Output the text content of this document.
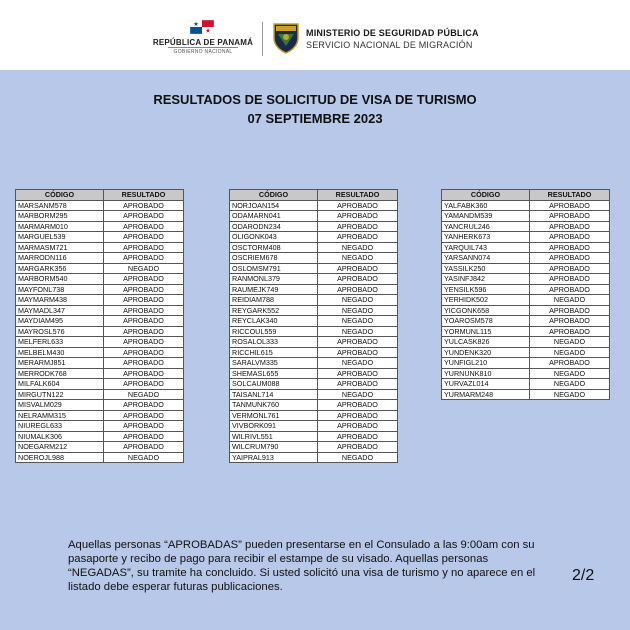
REPÚBLICA DE PANAMÁ
GOBIERNO NACIONAL
MINISTERIO DE SEGURIDAD PÚBLICA
SERVICIO NACIONAL DE MIGRACIÓN
RESULTADOS DE SOLICITUD DE VISA DE TURISMO
07 SEPTIEMBRE 2023
CÓDIGO	RESULTADO
MARSANM578	APROBADO
MARBORM295	APROBADO
MARMARM010	APROBADO
MARGUEL539	APROBADO
MARMASM721	APROBADO
MARRODN116	APROBADO
MARGARK356	NEGADO
MARBORM540	APROBADO
MAYFONL738	APROBADO
MAYMARM438	APROBADO
MAYMADL347	APROBADO
MAYDIAM495	APROBADO
MAYROSL576	APROBADO
MELFERL633	APROBADO
MELBELM430	APROBADO
MERARMJ851	APROBADO
MERRODK768	APROBADO
MILFALK604	APROBADO
MIRGUTN122	NEGADO
MISVALM029	APROBADO
NELRAMM315	APROBADO
NIUREGL633	APROBADO
NIUMALK306	APROBADO
NOEGARM212	APROBADO
NOEROJL988	NEGADO
CÓDIGO	RESULTADO
NORJOAN154	APROBADO
ODAMARN041	APROBADO
ODARODN234	APROBADO
OLIGONK043	APROBADO
OSCTORM408	NEGADO
OSCRIEM678	NEGADO
OSLOMSM791	APROBADO
RANMONL379	APROBADO
RAUMEJK749	APROBADO
REIDIAM788	NEGADO
REYGARK552	NEGADO
REYCLAK340	NEGADO
RICCOUL559	NEGADO
ROSALOL333	APROBADO
RICCHIL615	APROBADO
SARALVM335	NEGADO
SHEMASL655	APROBADO
SOLCAUM088	APROBADO
TAISANL714	NEGADO
TANMUNK760	APROBADO
VERMONL761	APROBADO
VIVBORK091	APROBADO
WILRIVL551	APROBADO
WILCRUM790	APROBADO
YAIPRAL913	NEGADO
CÓDIGO	RESULTADO
YALFABK360	APROBADO
YAMANDM539	APROBADO
YANCRUL246	APROBADO
YANHERK673	APROBADO
YARQUIL743	APROBADO
YARSANN074	APROBADO
YASSILK250	APROBADO
YASINFJ842	APROBADO
YENSILK596	APROBADO
YERHIDK502	NEGADO
YICGONK658	APROBADO
YOAROSM578	APROBADO
YORMUNL115	APROBADO
YULCASK826	NEGADO
YUNDENK320	NEGADO
YUNFIGL210	APROBADO
YURNUNK810	NEGADO
YURVAZL014	NEGADO
YURMARM248	NEGADO
Aquellas personas “APROBADAS” pueden presentarse en el Consulado a las 9:00am con su pasaporte y recibo de pago para recibir el estampe de su visado. Aquellas personas “NEGADAS”, su tramite ha concluido. Si usted solicitó una visa de turismo y no aparece en el listado debe esperar futuras publicaciones.
2/2
